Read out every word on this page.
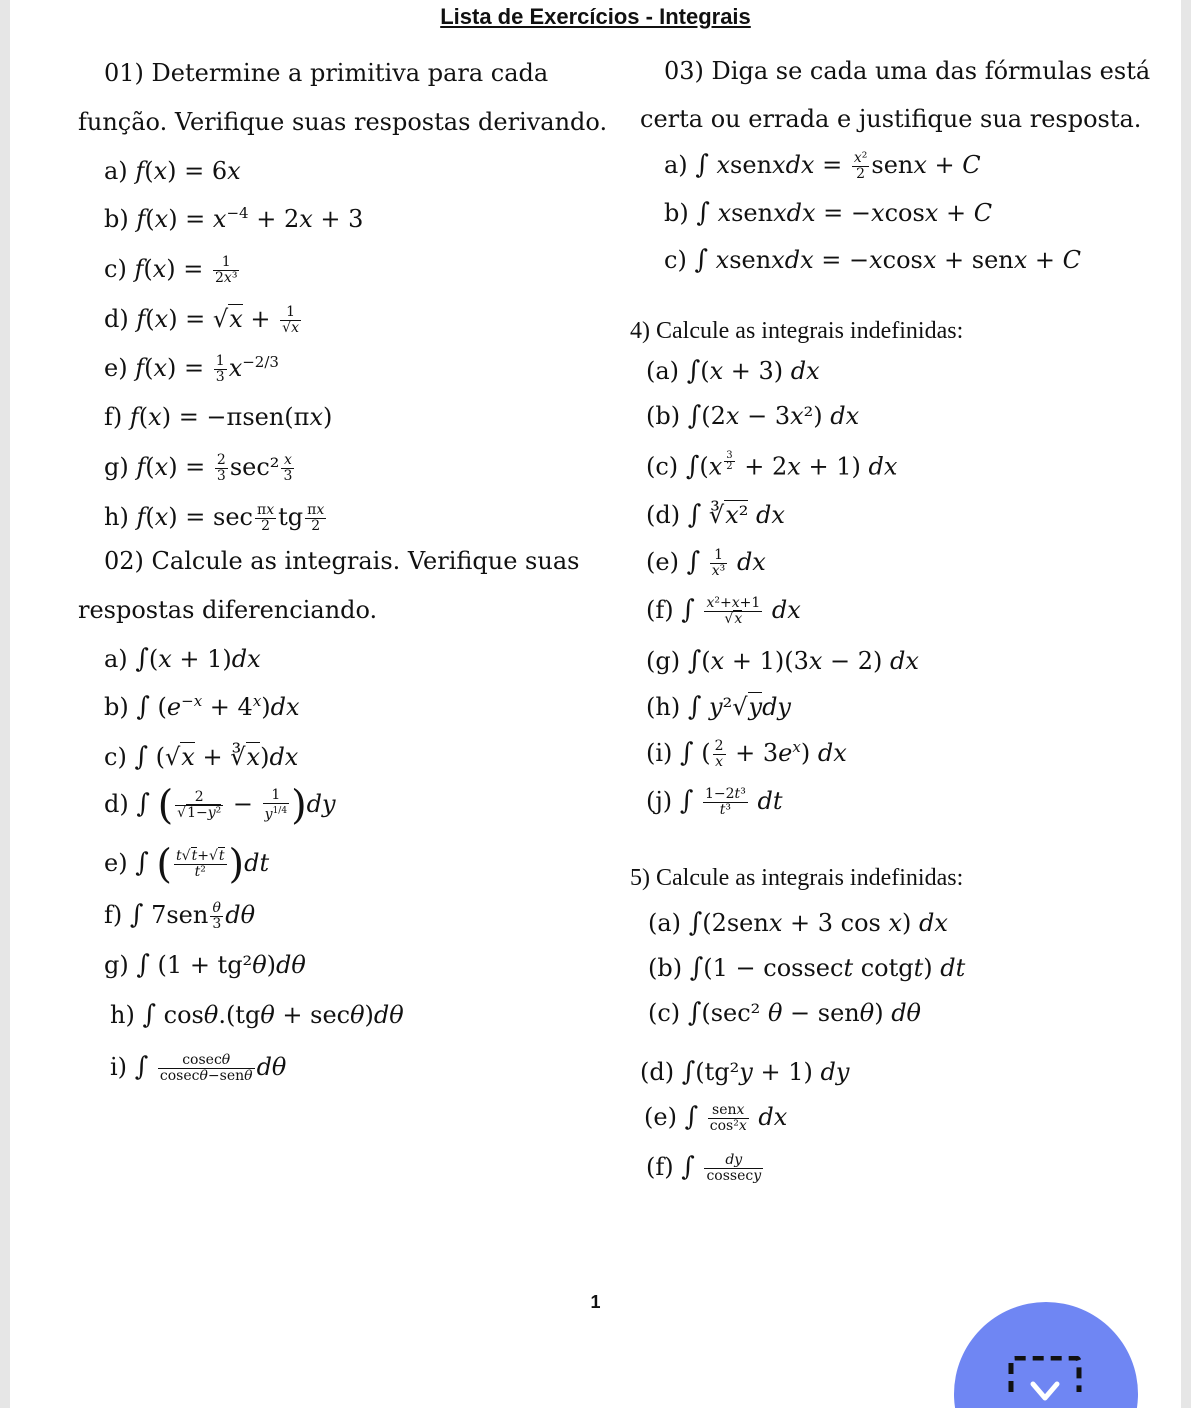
Lista de Exercícios - Integrais
01) Determine a primitiva para cada
função. Verifique suas respostas derivando.
a) f(x) = 6x
b) $f(x) = x^{-4} + 2x + 3$
c) $f(x) = \frac{1}{\text{2x³}}$
d) $f(x) = √x + \frac{1}{√x}$
e) $f(x) = \frac{1}{3} x^{-2/3}$
f) f(x) = −πsen(πx)
g) $f(x) = \frac{2}{3} \sec^2 \frac{x}{3}$
h) $f(x) = \sec \frac{\pi x}{2}$ tg $\frac{\pi x}{2}$
02) Calcule as integrais. Verifique suas
respostas diferenciando.
a) ∫(x + 1)dx
b) ∫ $(e^{-x} + 4^x)dx$
c) ∫ (√x + ∛x)dx
d) ∫ ( $\frac{2}{\text{√1−y²}} - \frac{1}{y^{1/4}} )dy$
e) ∫ ( $\frac{t√t+√t}{\text{t²}} )dt$
f) ∫ $7sen \frac{\theta}{3}$ dθ
g) ∫ (1 + tg²θ)dθ
h) ∫ cosθ.(tgθ + secθ)dθ
i) ∫ $\frac{cosec\theta}{\text{cosecθ−senθ}}$ dθ
03) Diga se cada uma das fórmulas está
certa ou errada e justifique sua resposta.
a) ∫ xsenxdx = $\frac{\text{x²}}{2}$ senx + C
b) ∫ xsenxdx = −xcosx + C
c) ∫ xsenxdx = −xcosx + senx + C
4) Calcule as integrais indefinidas:
(a) ∫(x + 3) dx
(b) ∫(2x − 3x²) dx
(c) ∫(x $^{\frac{3}{2}}$ + 2x + 1) dx
(d) ∫ ∛x² dx
(e) ∫ $\frac{1}{\text{x³}}$ dx
(f) ∫ $\frac{\text{x²+x+1}}{√x}$ dx
(g) ∫(x + 1)(3x − 2) dx
(h) ∫ y²√ydy
(i) ∫ ( $\frac{2}{x} + 3e^x$) dx
(j) ∫ $\frac{\text{1−2t³}}{\text{t³}}$ dt
5) Calcule as integrais indefinidas:
(a) ∫(2senx + 3 cos x) dx
(b) ∫(1 − cossect cotgt) dt
(c) ∫(sec² θ − senθ) dθ
(d) ∫(tg²y + 1) dy
(e) ∫ $\frac{\text{senx}}{\text{cos²x}}$ dx
(f) ∫ $\frac{dy}{\text{cossecy}}$
1
